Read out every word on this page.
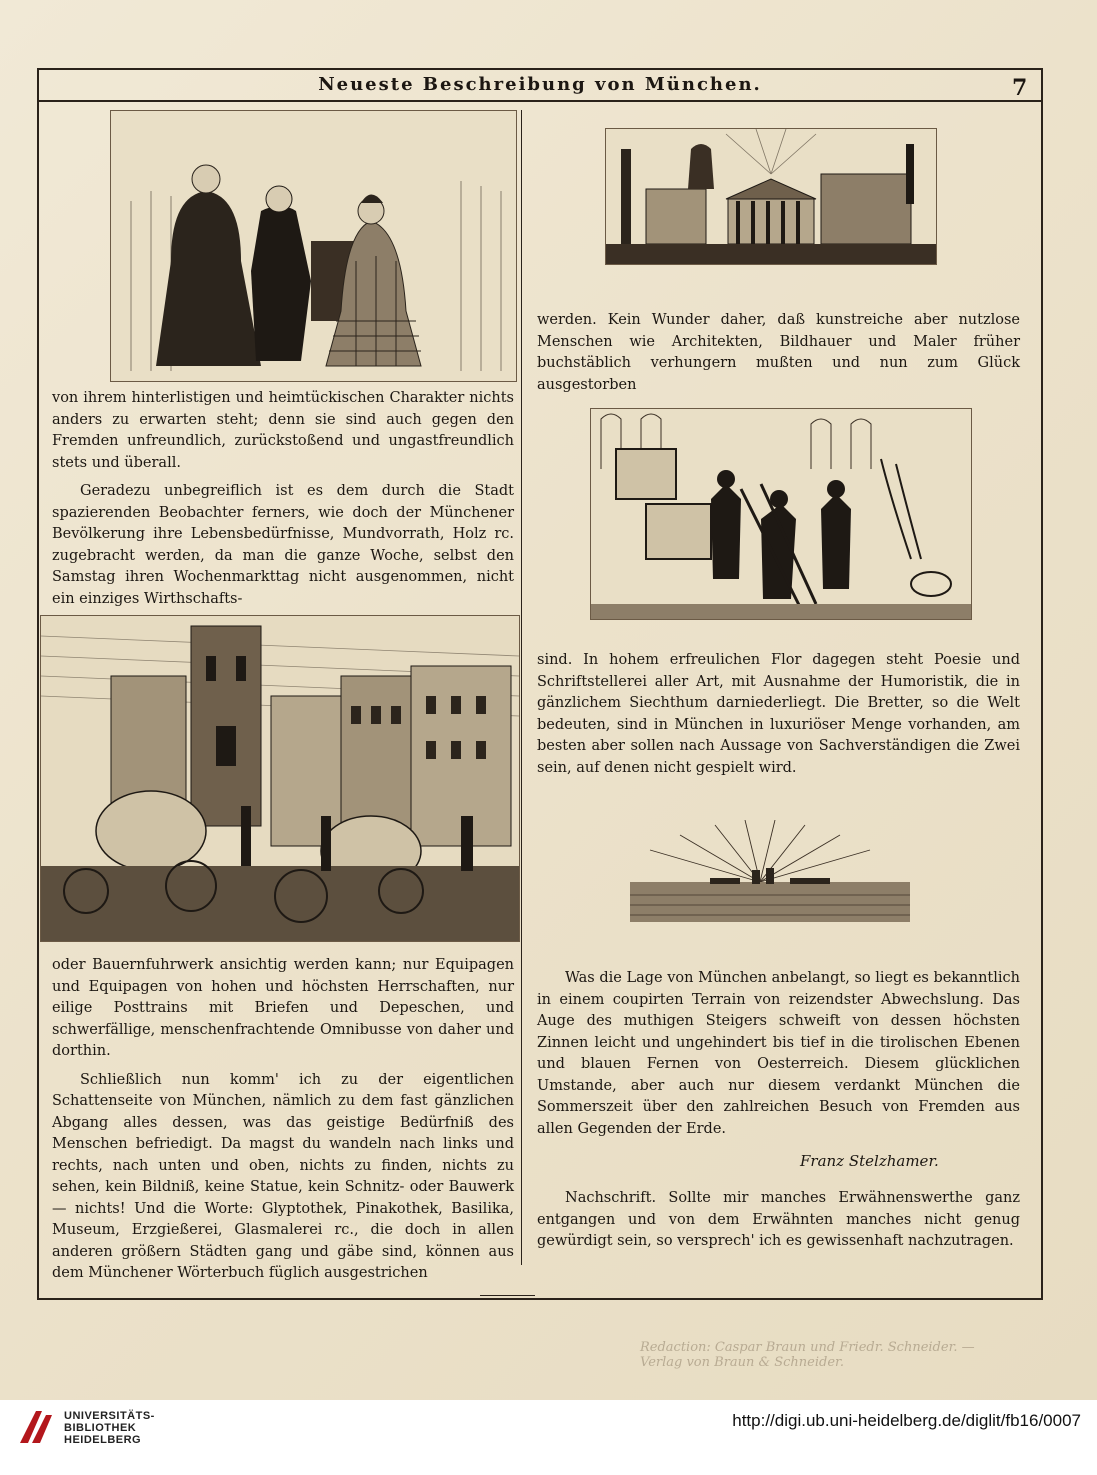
Neueste Beschreibung von München.	7

von ihrem hinterlistigen und heimtückischen Charakter nichts anders zu erwarten steht; denn sie sind auch gegen den Fremden unfreundlich, zurückstoßend und ungastfreundlich stets und überall.

Geradezu unbegreiflich ist es dem durch die Stadt spazierenden Beobachter ferners, wie doch der Münchener Bevölkerung ihre Lebensbedürfnisse, Mundvorrath, Holz rc. zugebracht werden, da man die ganze Woche, selbst den Samstag ihren Wochenmarkttag nicht ausgenommen, nicht ein einziges Wirthschafts-

oder Bauernfuhrwerk ansichtig werden kann; nur Equipagen und Equipagen von hohen und höchsten Herrschaften, nur eilige Posttrains mit Briefen und Depeschen, und schwerfällige, menschenfrachtende Omnibusse von daher und dorthin.

Schließlich nun komm' ich zu der eigentlichen Schattenseite von München, nämlich zu dem fast gänzlichen Abgang alles dessen, was das geistige Bedürfniß des Menschen befriedigt. Da magst du wandeln nach links und rechts, nach unten und oben, nichts zu finden, nichts zu sehen, kein Bildniß, keine Statue, kein Schnitz- oder Bauwerk — nichts! Und die Worte: Glyptothek, Pinakothek, Basilika, Museum, Erzgießerei, Glasmalerei rc., die doch in allen anderen größern Städten gang und gäbe sind, können aus dem Münchener Wörterbuch füglich ausgestrichen

werden. Kein Wunder daher, daß kunstreiche aber nutzlose Menschen wie Architekten, Bildhauer und Maler früher buchstäblich verhungern mußten und nun zum Glück ausgestorben

sind. In hohem erfreulichen Flor dagegen steht Poesie und Schriftstellerei aller Art, mit Ausnahme der Humoristik, die in gänzlichem Siechthum darniederliegt. Die Bretter, so die Welt bedeuten, sind in München in luxuriöser Menge vorhanden, am besten aber sollen nach Aussage von Sachverständigen die Zwei sein, auf denen nicht gespielt wird.

Was die Lage von München anbelangt, so liegt es bekanntlich in einem coupirten Terrain von reizendster Abwechslung. Das Auge des muthigen Steigers schweift von dessen höchsten Zinnen leicht und ungehindert bis tief in die tirolischen Ebenen und blauen Fernen von Oesterreich. Diesem glücklichen Umstande, aber auch nur diesem verdankt München die Sommerszeit über den zahlreichen Besuch von Fremden aus allen Gegenden der Erde.

Franz Stelzhamer.

Nachschrift. Sollte mir manches Erwähnenswerthe ganz entgangen und von dem Erwähnten manches nicht genug gewürdigt sein, so versprech' ich es gewissenhaft nachzutragen.

Redaction: Caspar Braun und Friedr. Schneider. — Verlag von Braun & Schneider.
UNIVERSITÄTS-
BIBLIOTHEK
HEIDELBERG
http://digi.ub.uni-heidelberg.de/diglit/fb16/0007
